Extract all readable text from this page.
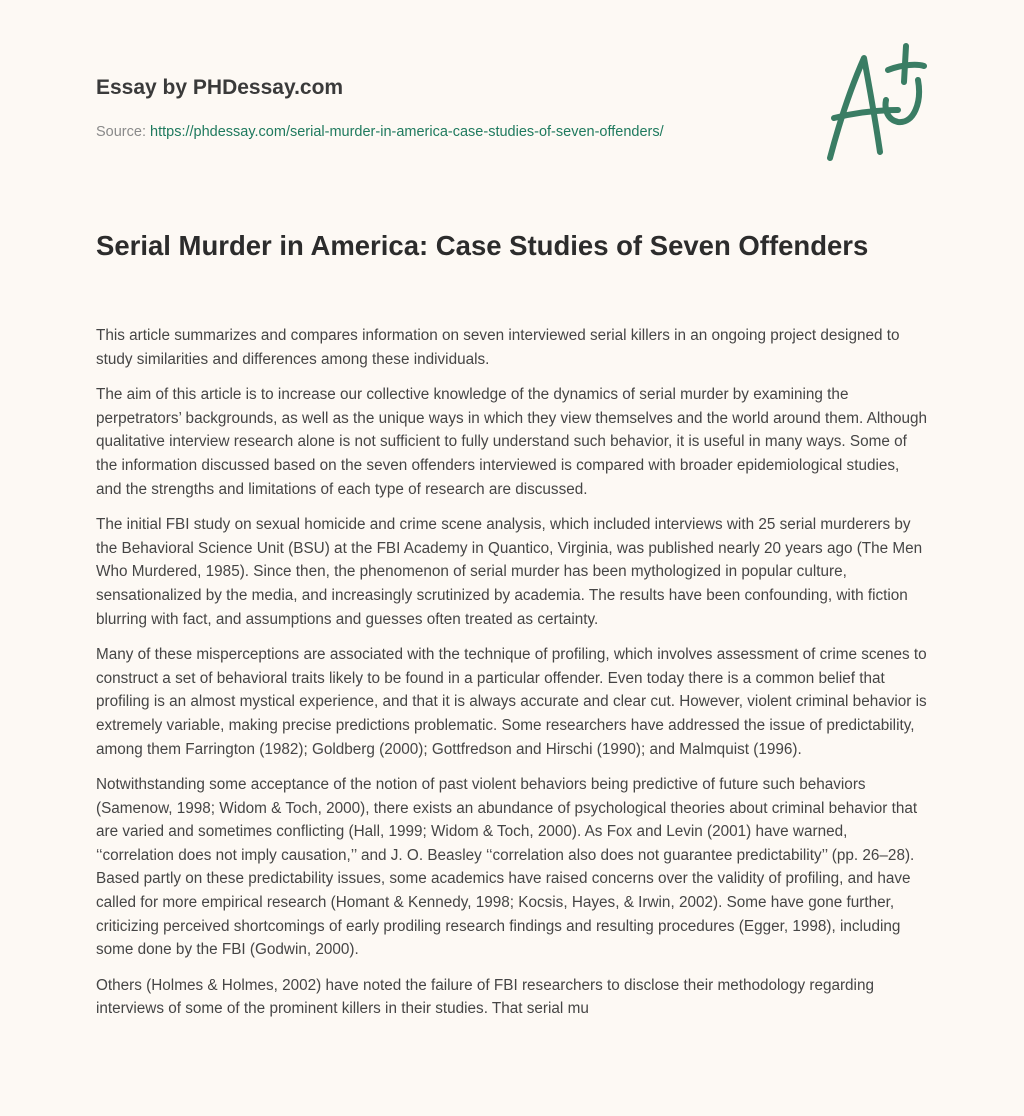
Essay by PHDessay.com

Source: https://phdessay.com/serial-murder-in-america-case-studies-of-seven-offenders/
Serial Murder in America: Case Studies of Seven Offenders

This article summarizes and compares information on seven interviewed serial killers in an ongoing project designed to study similarities and differences among these individuals.

The aim of this article is to increase our collective knowledge of the dynamics of serial murder by examining the perpetrators’ backgrounds, as well as the unique ways in which they view themselves and the world around them. Although qualitative interview research alone is not sufficient to fully understand such behavior, it is useful in many ways. Some of the information discussed based on the seven offenders interviewed is compared with broader epidemiological studies, and the strengths and limitations of each type of research are discussed.

The initial FBI study on sexual homicide and crime scene analysis, which included interviews with 25 serial murderers by the Behavioral Science Unit (BSU) at the FBI Academy in Quantico, Virginia, was published nearly 20 years ago (The Men Who Murdered, 1985). Since then, the phenomenon of serial murder has been mythologized in popular culture, sensationalized by the media, and increasingly scrutinized by academia. The results have been confounding, with fiction blurring with fact, and assumptions and guesses often treated as certainty.

Many of these misperceptions are associated with the technique of profiling, which involves assessment of crime scenes to construct a set of behavioral traits likely to be found in a particular offender. Even today there is a common belief that profiling is an almost mystical experience, and that it is always accurate and clear cut. However, violent criminal behavior is extremely variable, making precise predictions problematic. Some researchers have addressed the issue of predictability, among them Farrington (1982); Goldberg (2000); Gottfredson and Hirschi (1990); and Malmquist (1996).

Notwithstanding some acceptance of the notion of past violent behaviors being predictive of future such behaviors (Samenow, 1998; Widom & Toch, 2000), there exists an abundance of psychological theories about criminal behavior that are varied and sometimes conflicting (Hall, 1999; Widom & Toch, 2000). As Fox and Levin (2001) have warned, ‘‘correlation does not imply causation,’’ and J. O. Beasley ‘‘correlation also does not guarantee predictability’’ (pp. 26–28). Based partly on these predictability issues, some academics have raised concerns over the validity of profiling, and have called for more empirical research (Homant & Kennedy, 1998; Kocsis, Hayes, & Irwin, 2002). Some have gone further, criticizing perceived shortcomings of early prodiling research findings and resulting procedures (Egger, 1998), including some done by the FBI (Godwin, 2000).

Others (Holmes & Holmes, 2002) have noted the failure of FBI researchers to disclose their methodology regarding interviews of some of the prominent killers in their studies. That serial mu
